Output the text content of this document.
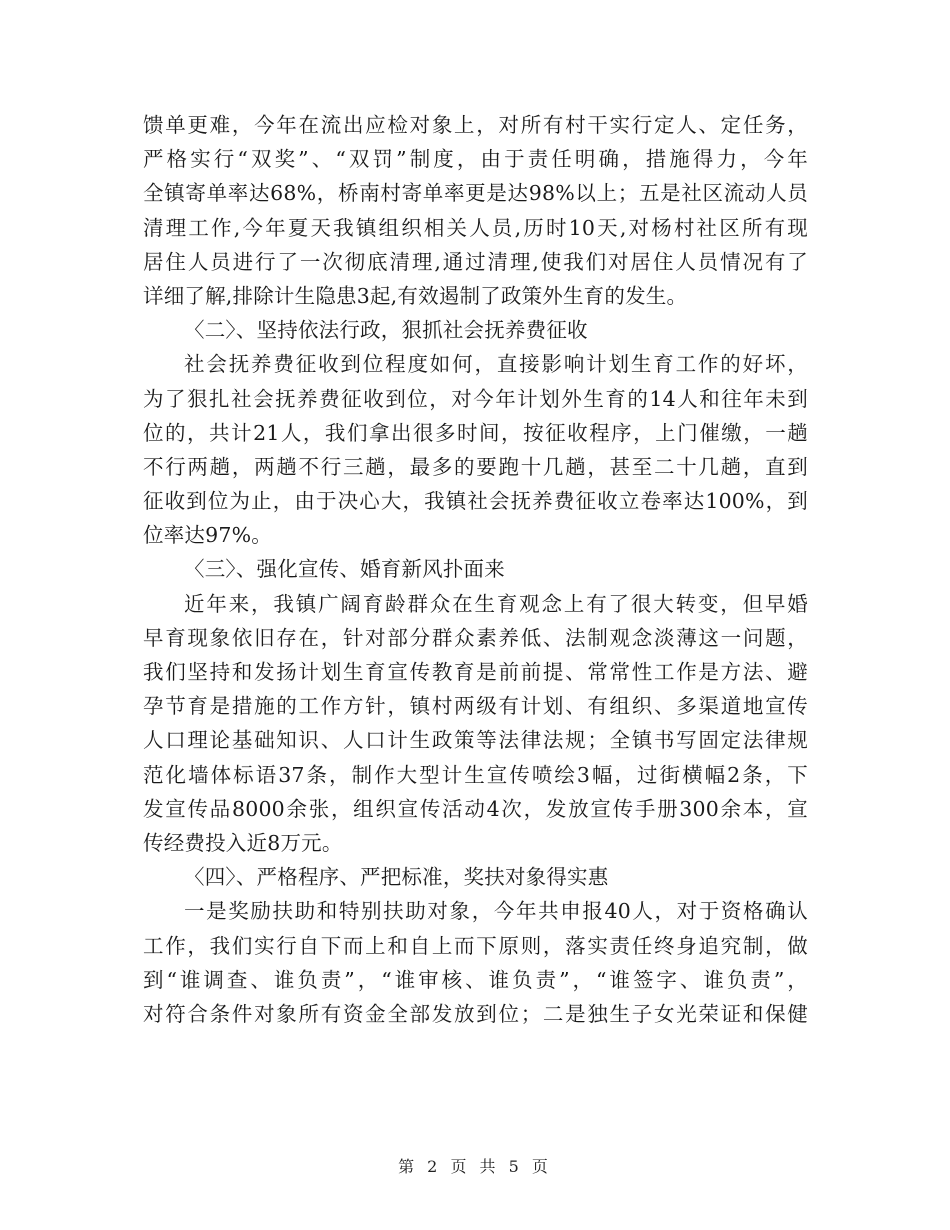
馈单更难，今年在流出应检对象上，对所有村干实行定人、定任务，
严格实行“双奖”、“双罚”制度，由于责任明确，措施得力，今年
全镇寄单率达68%，桥南村寄单率更是达98%以上；五是社区流动人员
清理工作,今年夏天我镇组织相关人员,历时10天,对杨村社区所有现
居住人员进行了一次彻底清理,通过清理,使我们对居住人员情况有了
详细了解,排除计生隐患3起,有效遏制了政策外生育的发生。
〈二〉、坚持依法行政，狠抓社会抚养费征收
社会抚养费征收到位程度如何，直接影响计划生育工作的好坏，
为了狠扎社会抚养费征收到位，对今年计划外生育的14人和往年未到
位的，共计21人，我们拿出很多时间，按征收程序，上门催缴，一趟
不行两趟，两趟不行三趟，最多的要跑十几趟，甚至二十几趟，直到
征收到位为止，由于决心大，我镇社会抚养费征收立卷率达100%，到
位率达97%。
〈三〉、强化宣传、婚育新风扑面来
近年来，我镇广阔育龄群众在生育观念上有了很大转变，但早婚
早育现象依旧存在，针对部分群众素养低、法制观念淡薄这一问题，
我们坚持和发扬计划生育宣传教育是前前提、常常性工作是方法、避
孕节育是措施的工作方针，镇村两级有计划、有组织、多渠道地宣传
人口理论基础知识、人口计生政策等法律法规；全镇书写固定法律规
范化墙体标语37条，制作大型计生宣传喷绘3幅，过街横幅2条，下
发宣传品8000余张，组织宣传活动4次，发放宣传手册300余本，宣
传经费投入近8万元。
〈四〉、严格程序、严把标准，奖扶对象得实惠
一是奖励扶助和特别扶助对象，今年共申报40人，对于资格确认
工作，我们实行自下而上和自上而下原则，落实责任终身追究制，做
到“谁调查、谁负责”，“谁审核、谁负责”，“谁签字、谁负责”，
对符合条件对象所有资金全部发放到位；二是独生子女光荣证和保健
第 2 页 共 5 页
